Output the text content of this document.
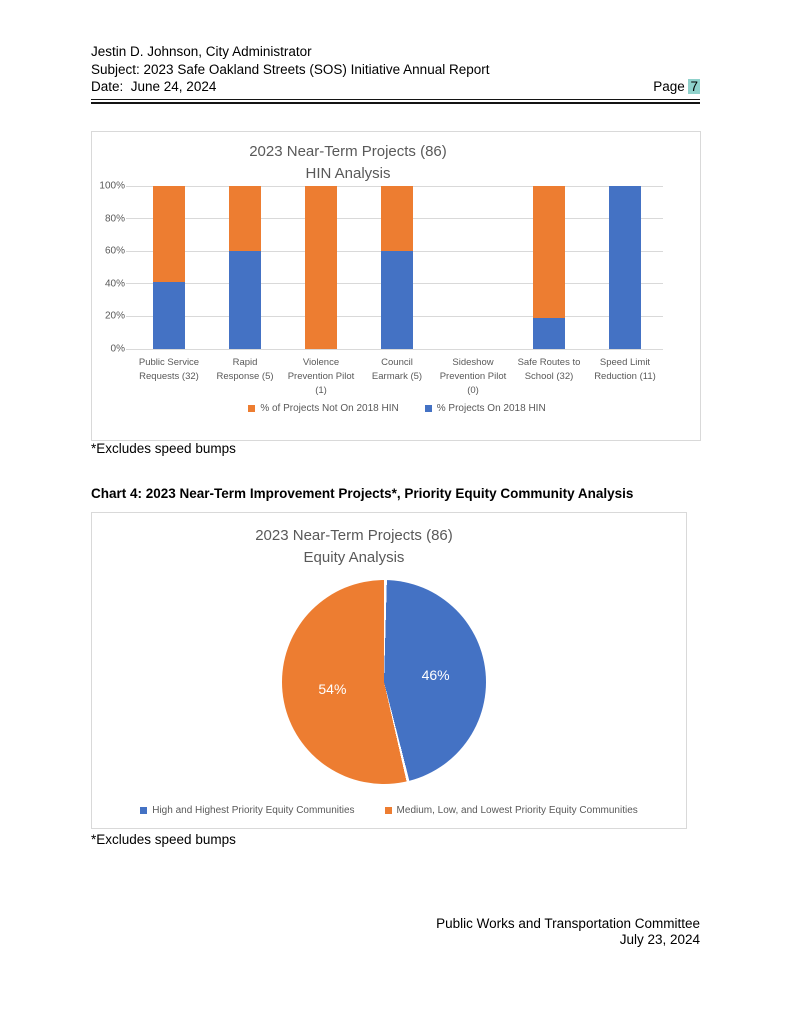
Jestin D. Johnson, City Administrator
Subject: 2023 Safe Oakland Streets (SOS) Initiative Annual Report
Date:  June 24, 2024	Page 7
2023 Near-Term Projects (86)
HIN Analysis
100%
80%
60%
40%
20%
0%
Public Service Requests (32)
Rapid Response (5)
Violence Prevention Pilot (1)
Council Earmark (5)
Sideshow Prevention Pilot (0)
Safe Routes to School (32)
Speed Limit Reduction (11)
% of Projects Not On 2018 HIN	% Projects On 2018 HIN
*Excludes speed bumps
Chart 4: 2023 Near-Term Improvement Projects*, Priority Equity Community Analysis
2023 Near-Term Projects (86)
Equity Analysis
46%
54%
High and Highest Priority Equity Communities	Medium, Low, and Lowest Priority Equity Communities
*Excludes speed bumps
Public Works and Transportation Committee
July 23, 2024
